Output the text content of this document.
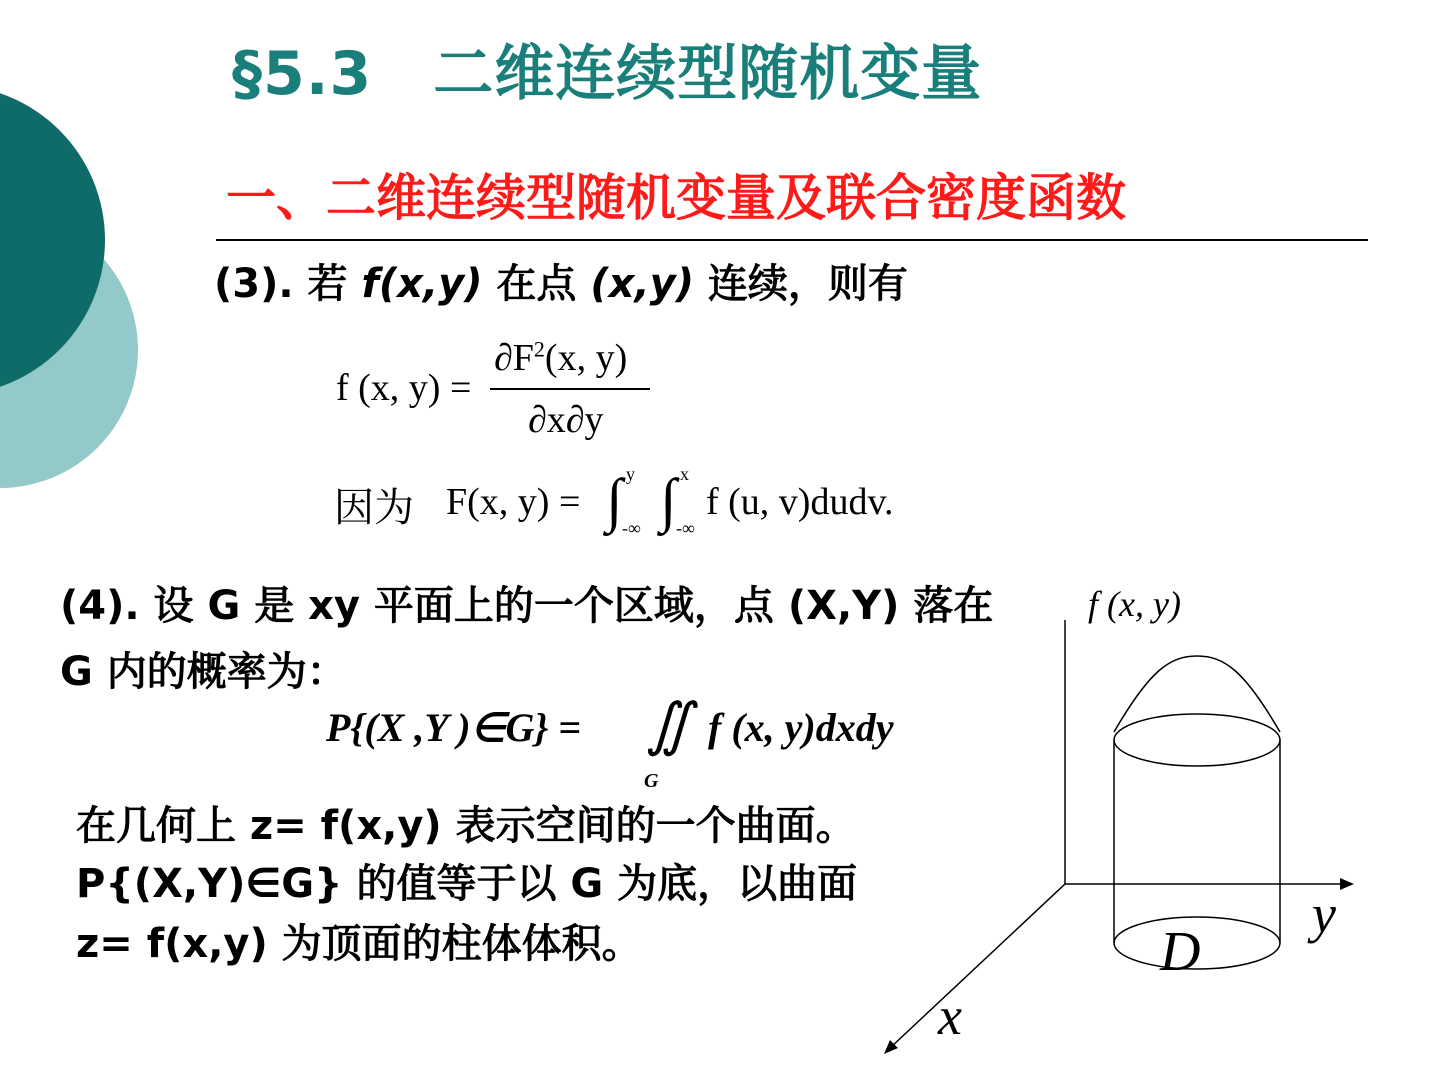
§5.3　二维连续型随机变量
一、二维连续型随机变量及联合密度函数
(3). 若 f(x,y) 在点 (x,y) 连续，则有
f (x, y) =
$\partial F^2(x$, y)
∂x∂y
因为 F(x, y) = ∫ y
-∞ ∫ x
-∞
f (u, v)dudv.
(4). 设 G 是 xy 平面上的一个区域，点 (X,Y) 落在
G 内的概率为：
P{(X ,Y )∈G} = ∬ f (x, y)dxdy
G
在几何上 z= f(x,y) 表示空间的一个曲面。
P{(X,Y)∈G} 的值等于以 G 为底，以曲面
z= f(x,y) 为顶面的柱体体积。
f (x, y)
y
x
D
